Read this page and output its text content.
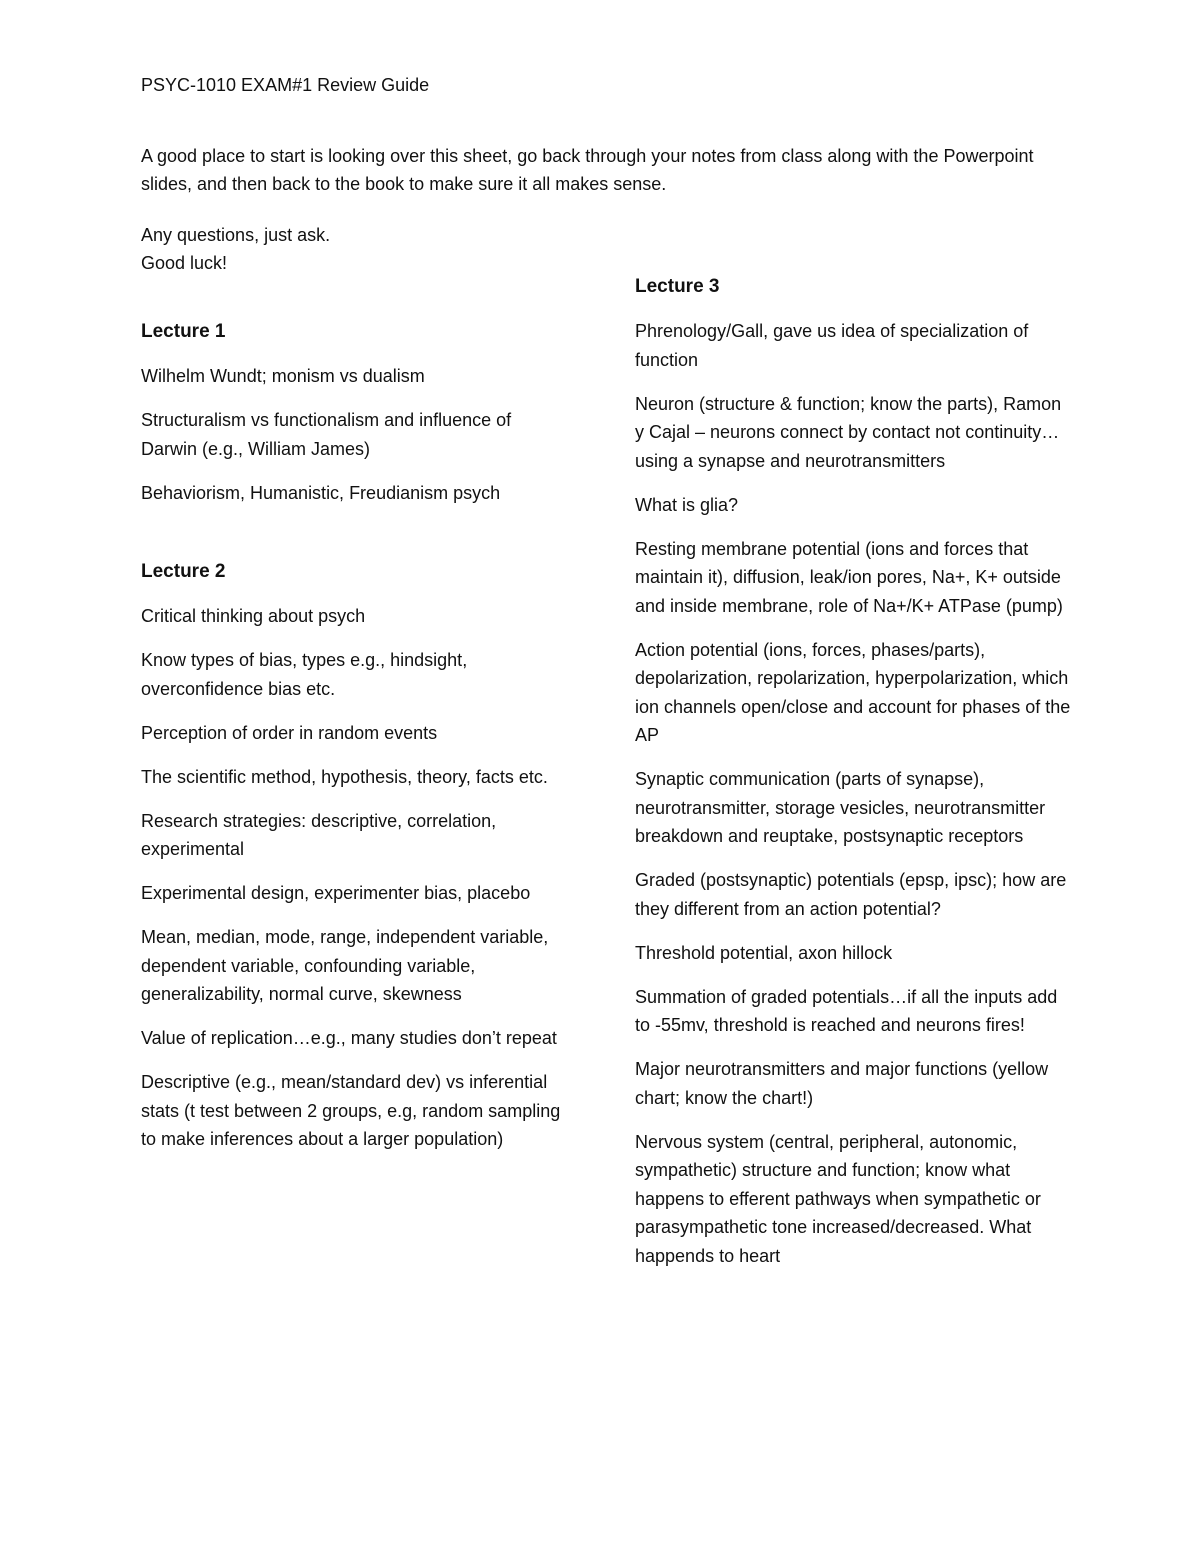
PSYC-1010 EXAM#1 Review Guide

A good place to start is looking over this sheet, go back through your notes from class along with the Powerpoint slides, and then back to the book to make sure it all makes sense.

Any questions, just ask.
Good luck!
Lecture 1
Wilhelm Wundt; monism vs dualism
Structuralism vs functionalism and influence of Darwin (e.g., William James)
Behaviorism, Humanistic, Freudianism psych
Lecture 2
Critical thinking about psych
Know types of bias, types e.g., hindsight, overconfidence bias etc.
Perception of order in random events
The scientific method, hypothesis, theory, facts etc.
Research strategies: descriptive, correlation, experimental
Experimental design, experimenter bias, placebo
Mean, median, mode, range, independent variable, dependent variable, confounding variable, generalizability, normal curve, skewness
Value of replication…e.g., many studies don’t repeat
Descriptive (e.g., mean/standard dev) vs inferential stats (t test between 2 groups, e.g, random sampling to make inferences about a larger population)
Lecture 3
Phrenology/Gall, gave us idea of specialization of function
Neuron (structure & function; know the parts), Ramon y Cajal – neurons connect by contact not continuity…using a synapse and neurotransmitters
What is glia?
Resting membrane potential (ions and forces that maintain it), diffusion, leak/ion pores, Na+, K+ outside and inside membrane, role of Na+/K+ ATPase (pump)
Action potential (ions, forces, phases/parts), depolarization, repolarization, hyperpolarization, which ion channels open/close and account for phases of the AP
Synaptic communication (parts of synapse), neurotransmitter, storage vesicles, neurotransmitter breakdown and reuptake, postsynaptic receptors
Graded (postsynaptic) potentials (epsp, ipsc); how are they different from an action potential?
Threshold potential, axon hillock
Summation of graded potentials…if all the inputs add to -55mv, threshold is reached and neurons fires!
Major neurotransmitters and major functions (yellow chart; know the chart!)
Nervous system (central, peripheral, autonomic, sympathetic) structure and function; know what happens to efferent pathways when sympathetic or parasympathetic tone increased/decreased. What happends to heart
